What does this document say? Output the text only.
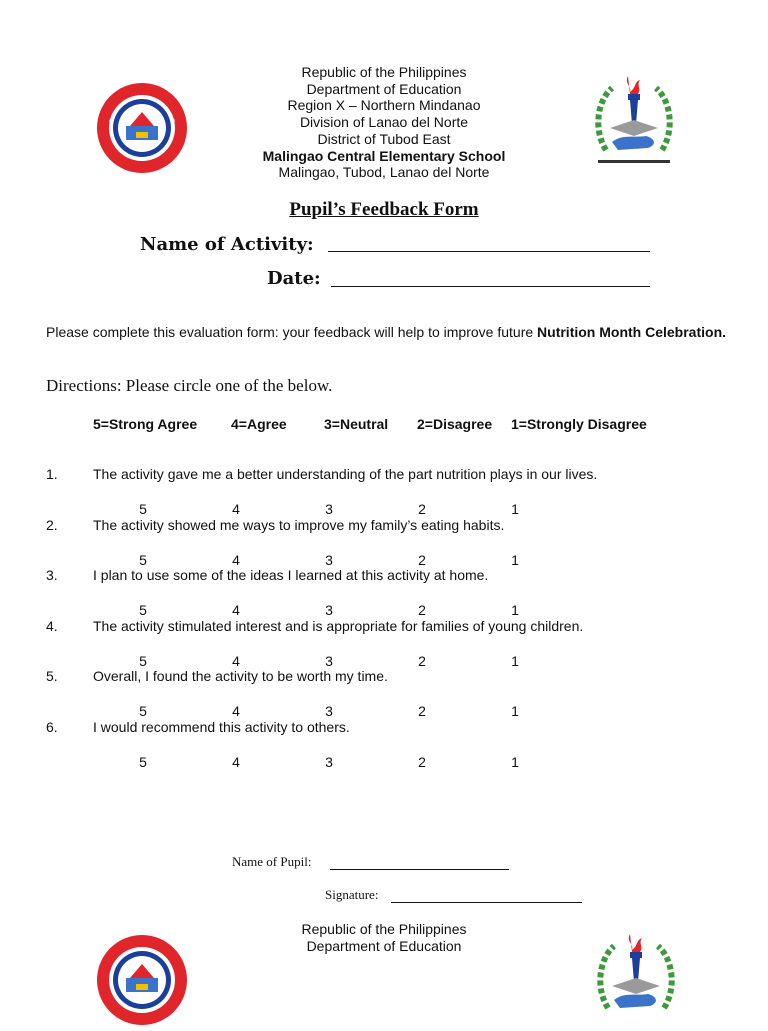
Republic of the Philippines
Department of Education
Region X – Northern Mindanao
Division of Lanao del Norte
District of Tubod East
Malingao Central Elementary School
Malingao, Tubod, Lanao del Norte
Pupil’s Feedback Form
Name of Activity:
Date:
Please complete this evaluation form: your feedback will help to improve future Nutrition Month Celebration.
Directions: Please circle one of the below.
5=Strong Agree 4=Agree	3=Neutral 2=Disagree 1=Strongly Disagree
1.	The activity gave me a better understanding of the part nutrition plays in our lives.
5	4	3	2	1
2.	The activity showed me ways to improve my family’s eating habits.
5	4	3	2	1
3.	I plan to use some of the ideas I learned at this activity at home.
5	4	3	2	1
4.	The activity stimulated interest and is appropriate for families of young children.
5	4	3	2	1
5.	Overall, I found the activity to be worth my time.
5	4	3	2	1
6.	I would recommend this activity to others.
5	4	3	2	1
Name of Pupil:
Signature:
Republic of the Philippines
Department of Education
